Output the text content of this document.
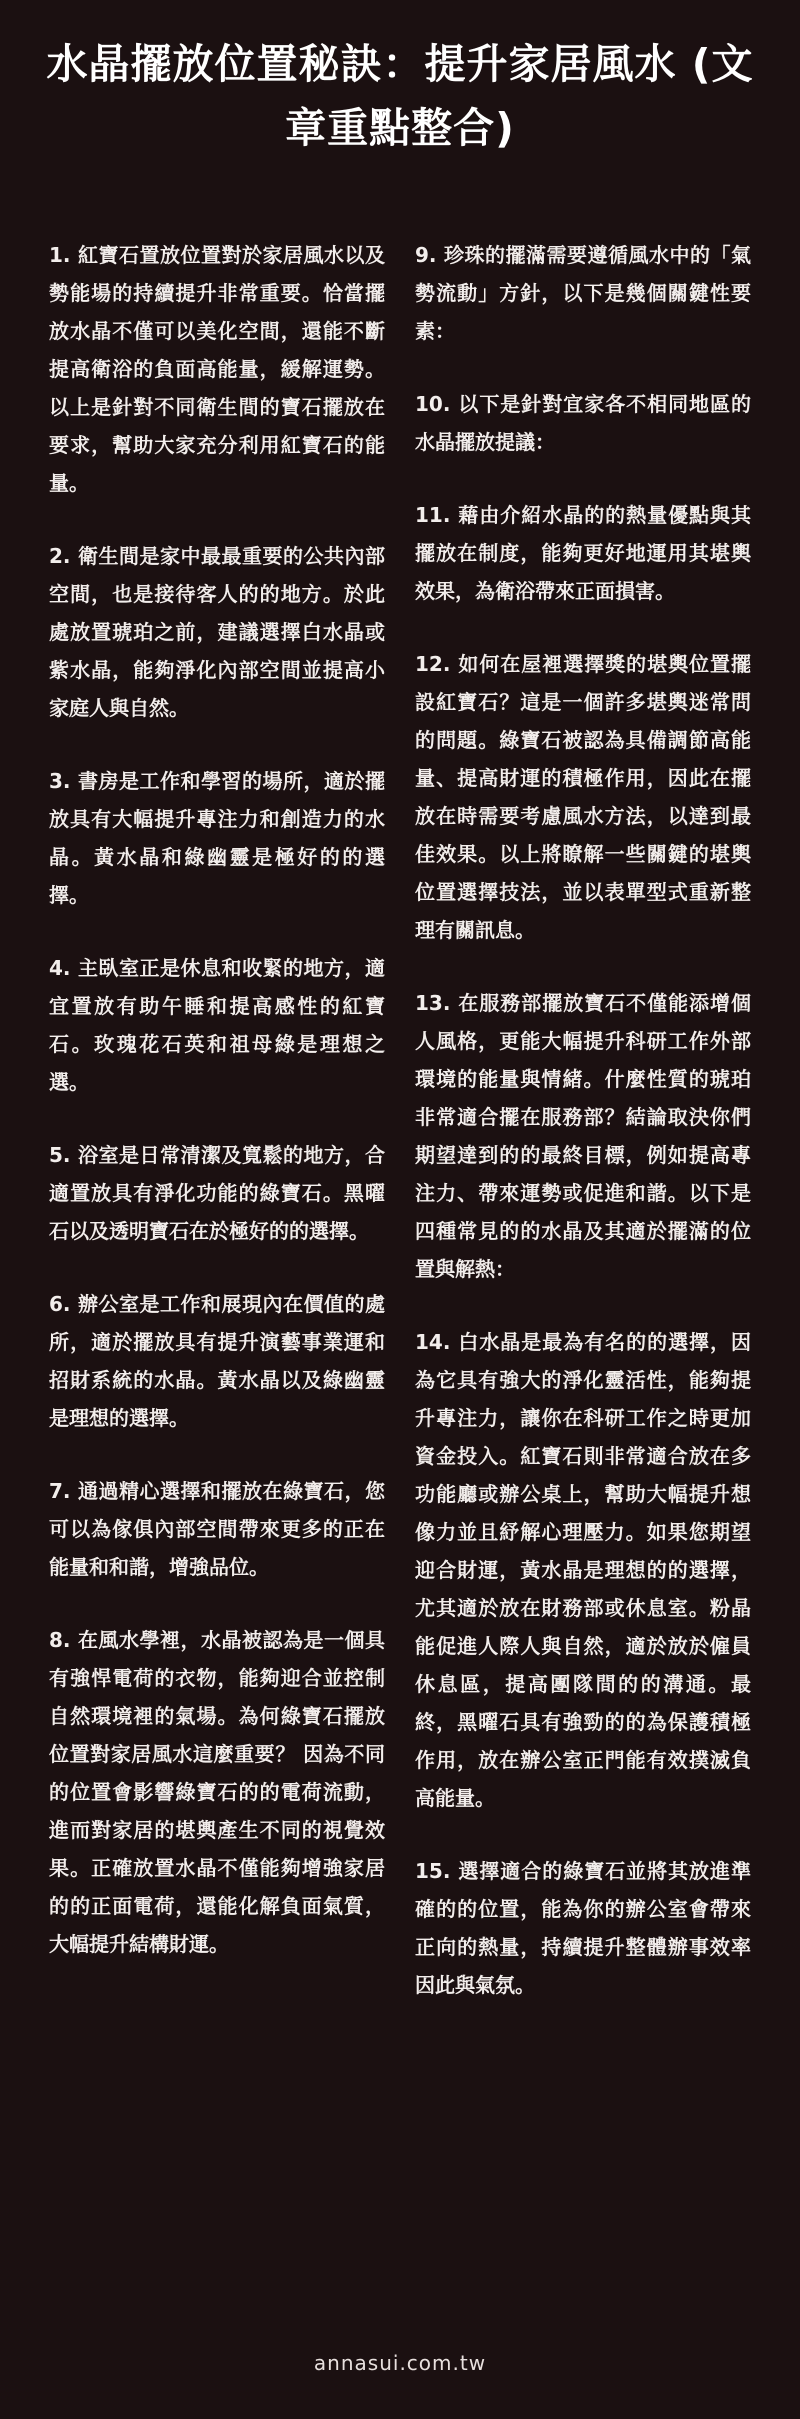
水晶擺放位置秘訣：提升家居風水 (文章重點整合)

1. 紅寶石置放位置對於家居風水以及勢能場的持續提升非常重要。恰當擺放水晶不僅可以美化空間，還能不斷提高衛浴的負面高能量，緩解運勢。以上是針對不同衛生間的寶石擺放在要求，幫助大家充分利用紅寶石的能量。

2. 衛生間是家中最最重要的公共內部空間，也是接待客人的的地方。於此處放置琥珀之前，建議選擇白水晶或紫水晶，能夠淨化內部空間並提高小家庭人與自然。

3. 書房是工作和學習的場所，適於擺放具有大幅提升專注力和創造力的水晶。黃水晶和綠幽靈是極好的的選擇。

4. 主臥室正是休息和收緊的地方，適宜置放有助午睡和提高感性的紅寶石。玫瑰花石英和祖母綠是理想之選。

5. 浴室是日常清潔及寬鬆的地方，合適置放具有淨化功能的綠寶石。黑曜石以及透明寶石在於極好的的選擇。

6. 辦公室是工作和展現內在價值的處所，適於擺放具有提升演藝事業運和招財系統的水晶。黃水晶以及綠幽靈是理想的選擇。

7. 通過精心選擇和擺放在綠寶石，您可以為傢俱內部空間帶來更多的正在能量和和諧，增強品位。

8. 在風水學裡，水晶被認為是一個具有強悍電荷的衣物，能夠迎合並控制自然環境裡的氣場。為何綠寶石擺放位置對家居風水這麼重要？ 因為不同的位置會影響綠寶石的的電荷流動，進而對家居的堪輿產生不同的視覺效果。正確放置水晶不僅能夠增強家居的的正面電荷，還能化解負面氣質，大幅提升結構財運。

9. 珍珠的擺滿需要遵循風水中的「氣勢流動」方針，以下是幾個關鍵性要素：

10. 以下是針對宜家各不相同地區的水晶擺放提議：

11. 藉由介紹水晶的的熱量優點與其擺放在制度，能夠更好地運用其堪輿效果，為衛浴帶來正面損害。

12. 如何在屋裡選擇獎的堪輿位置擺設紅寶石？這是一個許多堪輿迷常問的問題。綠寶石被認為具備調節高能量、提高財運的積極作用，因此在擺放在時需要考慮風水方法，以達到最佳效果。以上將瞭解一些關鍵的堪輿位置選擇技法，並以表單型式重新整理有關訊息。

13. 在服務部擺放寶石不僅能添增個人風格，更能大幅提升科研工作外部環境的能量與情緒。什麼性質的琥珀非常適合擺在服務部？結論取決你們期望達到的的最終目標，例如提高專注力、帶來運勢或促進和諧。以下是四種常見的的水晶及其適於擺滿的位置與解熱：

14. 白水晶是最為有名的的選擇，因為它具有強大的淨化靈活性，能夠提升專注力，讓你在科研工作之時更加資金投入。紅寶石則非常適合放在多功能廳或辦公桌上，幫助大幅提升想像力並且紓解心理壓力。如果您期望迎合財運，黃水晶是理想的的選擇，尤其適於放在財務部或休息室。粉晶能促進人際人與自然，適於放於僱員休息區，提高團隊間的的溝通。最終，黑曜石具有強勁的的為保護積極作用，放在辦公室正門能有效撲滅負高能量。

15. 選擇適合的綠寶石並將其放進準確的的位置，能為你的辦公室會帶來正向的熱量，持續提升整體辦事效率因此與氣氛。

annasui.com.tw
